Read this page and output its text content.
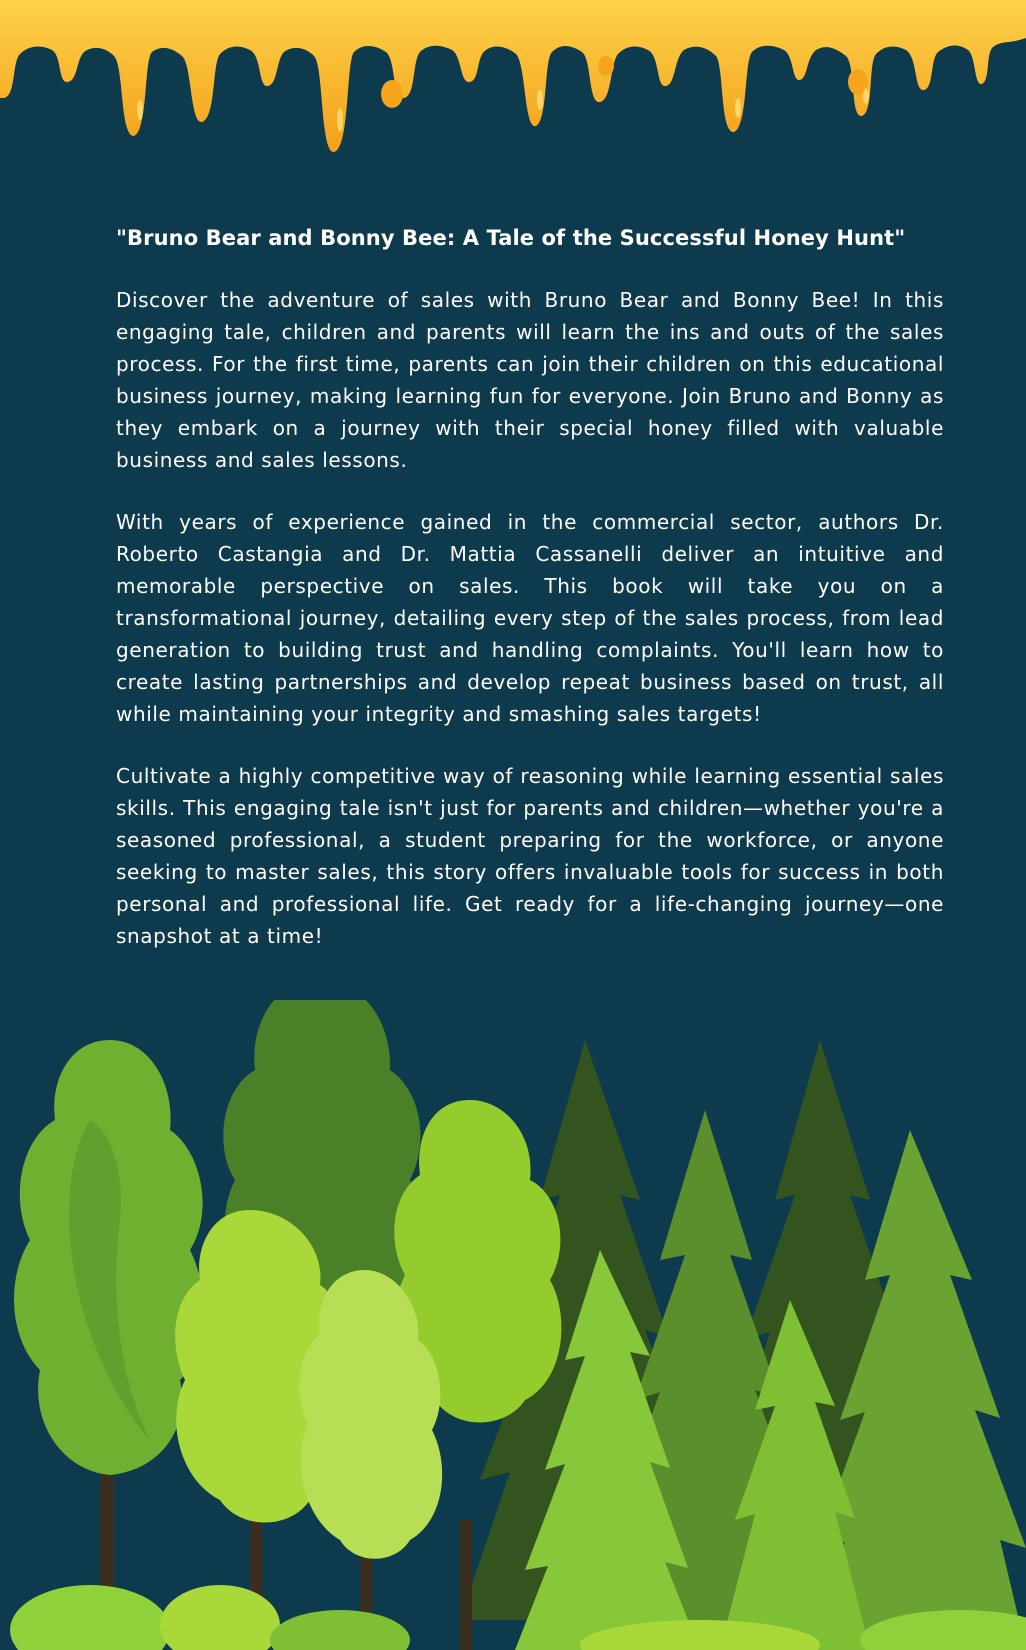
"Bruno Bear and Bonny Bee: A Tale of the Successful Honey Hunt"

Discover the adventure of sales with Bruno Bear and Bonny Bee! In this engaging tale, children and parents will learn the ins and outs of the sales process. For the first time, parents can join their children on this educational business journey, making learning fun for everyone. Join Bruno and Bonny as they embark on a journey with their special honey filled with valuable business and sales lessons.

With years of experience gained in the commercial sector, authors Dr. Roberto Castangia and Dr. Mattia Cassanelli deliver an intuitive and memorable perspective on sales. This book will take you on a transformational journey, detailing every step of the sales process, from lead generation to building trust and handling complaints. You'll learn how to create lasting partnerships and develop repeat business based on trust, all while maintaining your integrity and smashing sales targets!

Cultivate a highly competitive way of reasoning while learning essential sales skills. This engaging tale isn't just for parents and children—whether you're a seasoned professional, a student preparing for the workforce, or anyone seeking to master sales, this story offers invaluable tools for success in both personal and professional life. Get ready for a life-changing journey—one snapshot at a time!
